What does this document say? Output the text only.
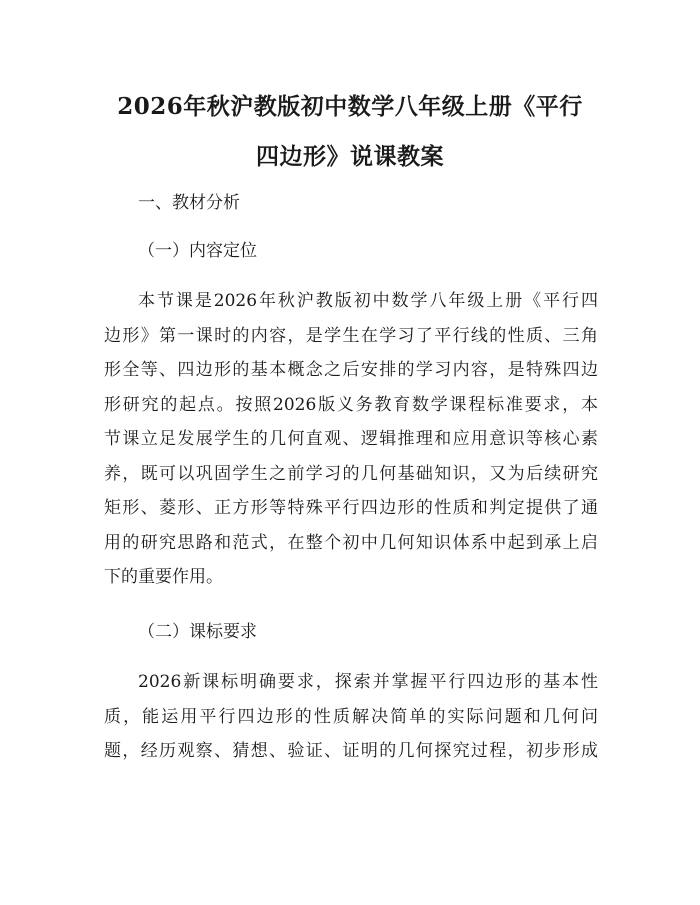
2026年秋沪教版初中数学八年级上册《平行
四边形》说课教案
一、教材分析
（一）内容定位
本节课是2026年秋沪教版初中数学八年级上册《平行四
边形》第一课时的内容，是学生在学习了平行线的性质、三角
形全等、四边形的基本概念之后安排的学习内容，是特殊四边
形研究的起点。按照2026版义务教育数学课程标准要求，本
节课立足发展学生的几何直观、逻辑推理和应用意识等核心素
养，既可以巩固学生之前学习的几何基础知识，又为后续研究
矩形、菱形、正方形等特殊平行四边形的性质和判定提供了通
用的研究思路和范式，在整个初中几何知识体系中起到承上启
下的重要作用。
（二）课标要求
2026新课标明确要求，探索并掌握平行四边形的基本性
质，能运用平行四边形的性质解决简单的实际问题和几何问
题，经历观察、猜想、验证、证明的几何探究过程，初步形成
